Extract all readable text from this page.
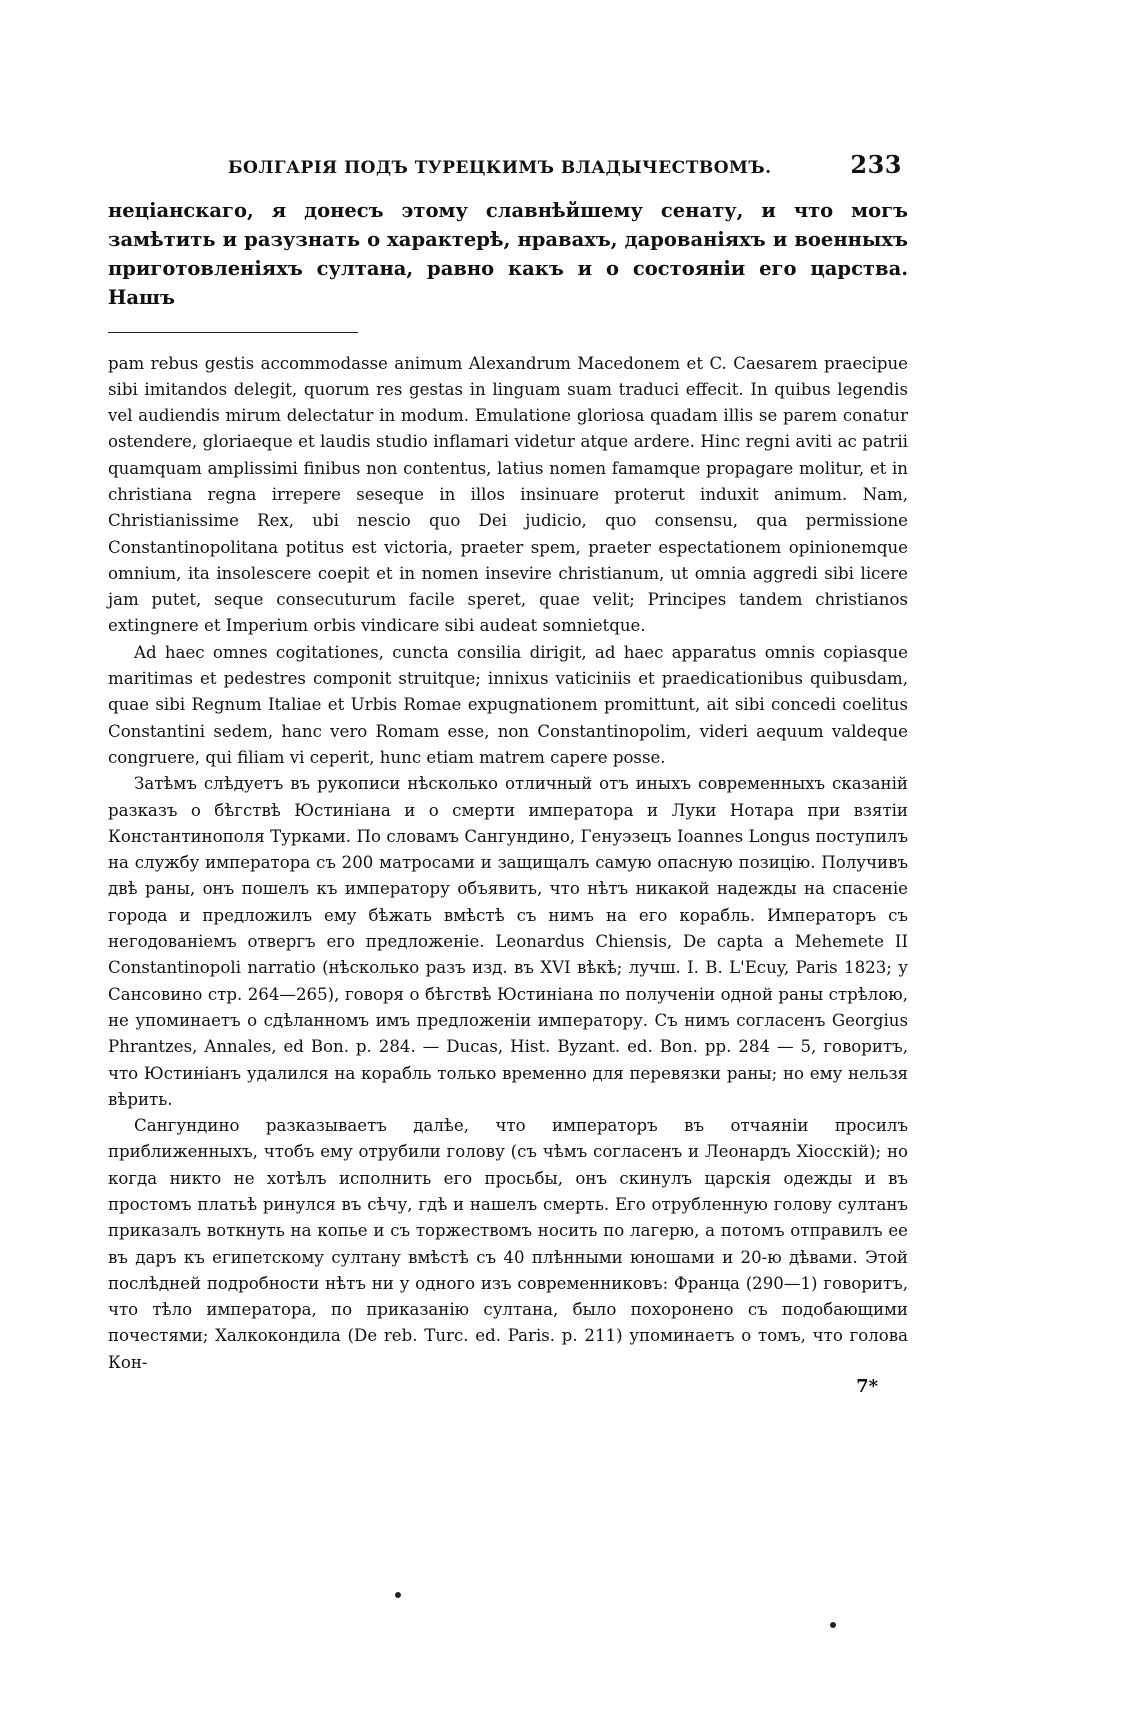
БОЛГАРІЯ ПОДЪ ТУРЕЦКИМЪ ВЛАДЫЧЕСТВОМЪ.	233

неціанскаго, я донесъ этому славнѣйшему сенату, и что могъ замѣтить и разузнать о характерѣ, нравахъ, дарованіяхъ и военныхъ приготовленіяхъ султана, равно какъ и о состояніи его царства. Нашъ

pam rebus gestis accommodasse animum Alexandrum Macedonem et C. Caesarem praecipue sibi imitandos delegit, quorum res gestas in linguam suam traduci effecit. In quibus legendis vel audiendis mirum delectatur in modum. Emulatione gloriosa quadam illis se parem conatur ostendere, gloriaeque et laudis studio inflamari videtur atque ardere. Hinc regni aviti ac patrii quamquam amplissimi finibus non contentus, latius nomen famamque propagare molitur, et in christiana regna irrepere seseque in illos insinuare proterut induxit animum. Nam, Christianissime Rex, ubi nescio quo Dei judicio, quo consensu, qua permissione Constantinopolitana potitus est victoria, praeter spem, praeter espectationem opinionemque omnium, ita insolescere coepit et in nomen insevire christianum, ut omnia aggredi sibi licere jam putet, seque consecuturum facile speret, quae velit; Principes tandem christianos extingnere et Imperium orbis vindicare sibi audeat somnietque.

Ad haec omnes cogitationes, cuncta consilia dirigit, ad haec apparatus omnis copiasque maritimas et pedestres componit struitque; innixus vaticiniis et praedicationibus quibusdam, quae sibi Regnum Italiae et Urbis Romae expugnationem promittunt, ait sibi concedi coelitus Constantini sedem, hanc vero Romam esse, non Constantinopolim, videri aequum valdeque congruere, qui filiam vi ceperit, hunc etiam matrem capere posse.

Затѣмъ слѣдуетъ въ рукописи нѣсколько отличный отъ иныхъ современныхъ сказаній разказъ о бѣгствѣ Юстиніана и о смерти императора и Луки Нотара при взятіи Константинополя Турками. По словамъ Сангундино, Генуэзецъ Ioannes Longus поступилъ на службу императора съ 200 матросами и защищалъ самую опасную позицію. Получивъ двѣ раны, онъ пошелъ къ императору объявить, что нѣтъ никакой надежды на спасеніе города и предложилъ ему бѣжать вмѣстѣ съ нимъ на его корабль. Императоръ съ негодованіемъ отвергъ его предложеніе. Leonardus Chiensis, De capta a Mehemete II Constantinopoli narratio (нѣсколько разъ изд. въ XVI вѣкѣ; лучш. I. B. L'Ecuy, Paris 1823; у Сансовино стр. 264—265), говоря о бѣгствѣ Юстиніана по полученіи одной раны стрѣлою, не упоминаетъ о сдѣланномъ имъ предложеніи императору. Съ нимъ согласенъ Georgius Phrantzes, Annales, ed Bon. p. 284. — Ducas, Hist. Byzant. ed. Bon. pp. 284 — 5, говоритъ, что Юстиніанъ удалился на корабль только временно для перевязки раны; но ему нельзя вѣрить.

Сангундино разказываетъ далѣе, что императоръ въ отчаяніи просилъ приближенныхъ, чтобъ ему отрубили голову (съ чѣмъ согласенъ и Леонардъ Хіосскій); но когда никто не хотѣлъ исполнить его просьбы, онъ скинулъ царскія одежды и въ простомъ платьѣ ринулся въ сѣчу, гдѣ и нашелъ смерть. Его отрубленную голову султанъ приказалъ воткнуть на копье и съ торжествомъ носить по лагерю, а потомъ отправилъ ее въ даръ къ египетскому султану вмѣстѣ съ 40 плѣнными юношами и 20-ю дѣвами. Этой послѣдней подробности нѣтъ ни у одного изъ современниковъ: Франца (290—1) говоритъ, что тѣло императора, по приказанію султана, было похоронено съ подобающими почестями; Халкокондила (De reb. Turc. ed. Paris. p. 211) упоминаетъ о томъ, что голова Кон-

7*
